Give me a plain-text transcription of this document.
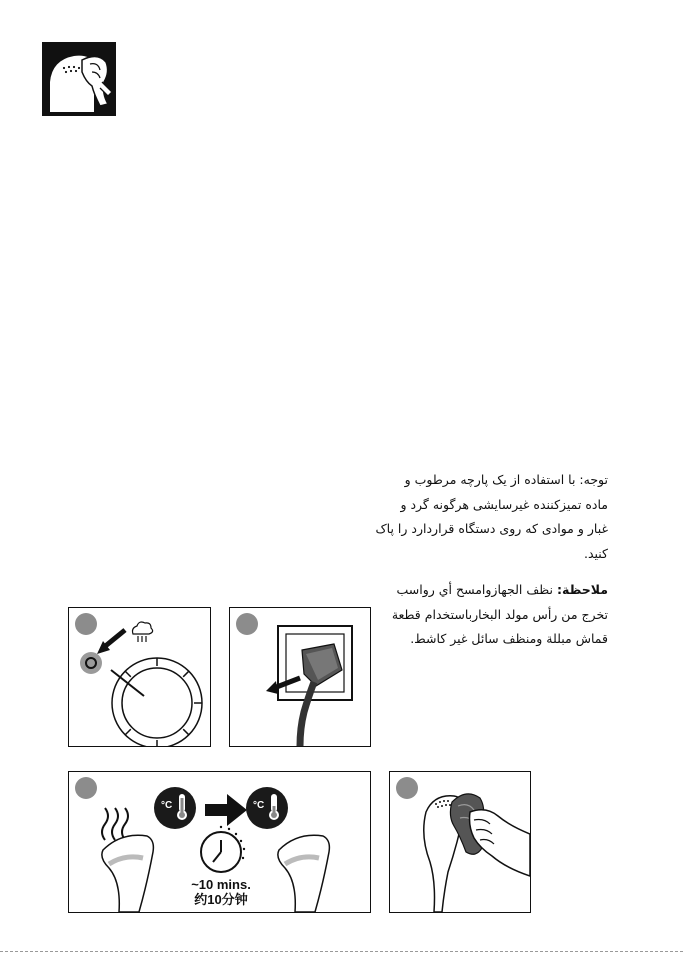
توجه: با استفاده از یک پارچه مرطوب و
ماده تمیزکننده غیرسایشی هرگونه گرد و
غبار و موادی که روی دستگاه قراردارد را پاک
کنید.
ملاحظة: نظف الجهازوامسح أي رواسب
تخرج من رأس مولد البخارباستخدام قطعة
قماش مبللة ومنظف سائل غير كاشط.
°C	°C
~10 mins.
约10分钟
